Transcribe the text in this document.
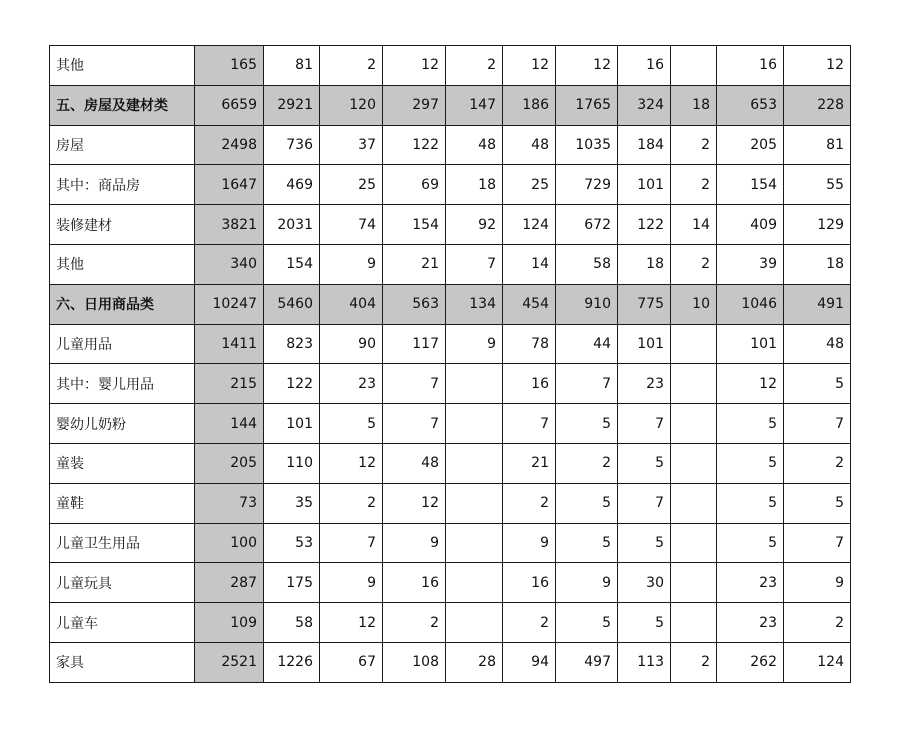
其他	165	81	2	12	2	12	12	16		16	12
五、房屋及建材类	6659	2921	120	297	147	186	1765	324	18	653	228
房屋	2498	736	37	122	48	48	1035	184	2	205	81
其中：商品房	1647	469	25	69	18	25	729	101	2	154	55
装修建材	3821	2031	74	154	92	124	672	122	14	409	129
其他	340	154	9	21	7	14	58	18	2	39	18
六、日用商品类	10247	5460	404	563	134	454	910	775	10	1046	491
儿童用品	1411	823	90	117	9	78	44	101		101	48
其中：婴儿用品	215	122	23	7		16	7	23		12	5
婴幼儿奶粉	144	101	5	7		7	5	7		5	7
童装	205	110	12	48		21	2	5		5	2
童鞋	73	35	2	12		2	5	7		5	5
儿童卫生用品	100	53	7	9		9	5	5		5	7
儿童玩具	287	175	9	16		16	9	30		23	9
儿童车	109	58	12	2		2	5	5		23	2
家具	2521	1226	67	108	28	94	497	113	2	262	124
